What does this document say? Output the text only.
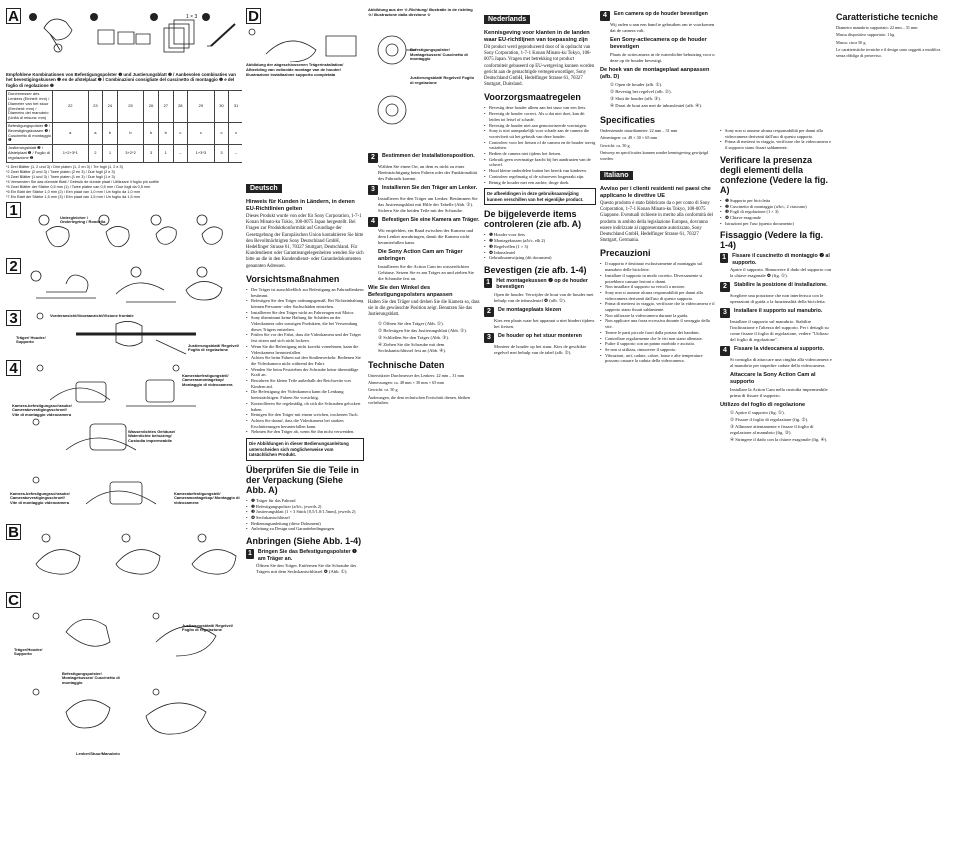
A	1 × 3
Empfohlene Kombinationen von Befestigungspolster ❶ und Justierungsblatt ❷ / Aanbevolen combinaties van het bevestigingskussen ❶ en de afstelplaat ❷ / Combinazioni consigliate del cuscinetto di montaggio ❶ e del foglio di regolazione ❷
Durchmesser des Lenkers (Einheit: mm) / Diameter van het stuur (Eenheid: mm) / Diametro del manubrio (Unità di misura: mm)	22	23	24	25	26	27	28	29	30	31
Befestigungspolster ❶ / Bevestigingskussen ❶ / Cuscinetto di montaggio ❶	a	a	b	b	b	b	c	c	c	c
Justierungsblatt ❷ / Afstelplaat ❷ / Foglio di regolazione ❷	1+2+3*1	2	1	3+2*2	3	1	–	1+3*3	3	–
*1 Drei Blätter (1, 2 und 3) / Drie platen (1, 2 en 3) / Tre fogli (1, 2 e 3)
*2 Zwei Blätter (2 und 3) / Twee platen (2 en 3) / Due fogli (2 e 3)
*3 Zwei Blätter (1 und 3) / Twee platen (1 en 3) / Due fogli (1 e 3)
*4 Verwenden Sie das dünnste Blatt / Gebruik de dunste plaat / Utilizzare il foglio più sottile
*5 Zwei Blätter der Stärke 0,5 mm (1) / Twee platen van 0,5 mm / Due fogli da 0,5 mm
*6 Ein Blatt der Stärke 1,0 mm (2) / Eén plaat van 1,0 mm / Un foglio da 1,0 mm
*7 Ein Blatt der Stärke 1,5 mm (3) / Eén plaat van 1,5 mm / Un foglio da 1,5 mm
1	Untergleicher / Onderlegring / Rondella
2
3	Vorderansicht/Vooraanzicht/Visione frontale
Träger/ Houder/ Supporto
Justierungsblatt/ Regelvel/ Foglio di regolazione
4	Kamerabefestigungsteil/ Camerasmontagekop/ Montaggio di videocamera
Kamera-befestigungsschraube/ Camerabevestigingsschroef/ Vite di montaggio videocamera
Wasserdichtes Gehäuse/ Waterdichte behuizing/ Custodia impermeabile
Kamera-befestigungsschraube/ Camerabevestigingsschroef/ Vite di montaggio videocamera
Kamerabefestigungsteil/ Cameramontagekop/ Montaggio di videocamera
B
C
Träger/Houder/ Supporto
Befestigungspolster/ Montagekussen/ Cuscinetto di montaggio
Justierungsblatt/ Regelvel/ Foglio di regolazione
Lenker/Stuur/Manubrio
D
Abbildung der abgeschlossenen Trägerinstallation/ Afbeelding van voltooide montage van de houder/ Illustrazione installazione supporto completata
Deutsch
Hinweis für Kunden in Ländern, in denen EU-Richtlinien gelten

Dieses Produkt wurde von oder für Sony Corporation, 1-7-1 Konan Minato-ku Tokio, 108-0075 Japan hergestellt. Bei Fragen zur Produktkonformität auf Grundlage der Gesetzgebung der Europäischen Union kontaktieren Sie bitte den Bevollmächtigten Sony Deutschland GmbH, Hedelfinger Strasse 61, 70327 Stuttgart, Deutschland. Für Kundendienst oder Garantieangelegenheiten wenden Sie sich bitte an die in den Kundendienst- oder Garantiedokumenten genannten Adressen.

Vorsichtsmaßnahmen
• Der Träger ist ausschließlich zur Befestigung an Fahrradlenkern bestimmt.
• Befestigen Sie den Träger ordnungsgemäß. Bei Nichteinhaltung können Personen- oder Sachschäden entstehen.
• Installieren Sie den Träger nicht an Fahrzeugen mit Motor.
• Sony übernimmt keine Haftung für Schäden an der Videokamera oder sonstigen Produkten, die bei Verwendung dieses Trägers entstehen.
• Prüfen Sie vor der Fahrt, dass die Videokamera und der Träger fest sitzen und sich nicht lockern.
• Wenn Sie die Befestigung nicht korrekt vornehmen, kann die Videokamera herunterfallen.
• Achten Sie beim Fahren auf den Straßenverkehr. Bedienen Sie die Videokamera nicht während der Fahrt.
• Wenden Sie beim Festziehen der Schraube keine übermäßige Kraft an.
• Bewahren Sie kleine Teile außerhalb der Reichweite von Kindern auf.
• Die Befestigung der Videokamera kann die Lenkung beeinträchtigen. Fahren Sie vorsichtig.
• Kontrollieren Sie regelmäßig, ob sich die Schrauben gelockert haben.
• Reinigen Sie den Träger mit einem weichen, trockenen Tuch.
• Achten Sie darauf, dass die Videokamera bei starken Erschütterungen herunterfallen kann.
• Nehmen Sie den Träger ab, wenn Sie ihn nicht verwenden.
Die Abbildungen in dieser Bedienungsanleitung unterscheiden sich möglicherweise vom tatsächlichen Produkt.
Überprüfen Sie die Teile in der Verpackung (Siehe Abb. A)
• ❶ Träger für das Fahrrad
• ❷ Befestigungspolster (a/b/c, jeweils 2)
• ❸ Justierungsblatt (1 × 3 Stück [0,5/1,0/1,5mm], jeweils 2)
• ❹ Sechskantschlüssel
• Bedienungsanleitung (diese Dokument)
• Anleitung zu Design und Garantiebedingungen
Anbringen (Siehe Abb. 1-4)
1	Bringen Sie das Befestigungspolster ❶ am Träger an.
Öffnen Sie den Träger. Entfernen Sie die Schraube des Trägers mit dem Sechskantschlüssel ❹ (Abb. ①).
Abbildung aus der ☆-Richtung/ Illustratie in de richting ☆/ Illustrazione dalla direzione ☆
Befestigungspolster/ Montagekussen/ Cuscinetto di montaggio
Justierungsblatt/ Regelvel/ Foglio di regolazione
2	Bestimmen der Installationsposition.
Wählen Sie einen Ort, an dem es nicht zu einer Beeinträchtigung beim Fahren oder der Funktionalität des Fahrrads kommt.
3	Installieren Sie den Träger am Lenker.
Installieren Sie den Träger am Lenker. Bestimmen Sie das Justierungsblatt mit Hilfe der Tabelle (Abb. ②). Sichern Sie die beiden Teile mit der Schraube.
4	Befestigen Sie eine Kamera am Träger.
Wir empfehlen, ein Band zwischen der Kamera und dem Lenker anzubringen, damit die Kamera nicht herunterfallen kann.
Die Sony Action Cam am Träger anbringen
Installieren Sie die Action Cam im wasserdichten Gehäuse. Setzen Sie es am Träger an und ziehen Sie die Schraube fest an.
Wie Sie den Winkel des Befestigungspolsters anpassen

Halten Sie den Träger und drehen Sie die Kamera so, dass sie in die gewünschte Position zeigt. Benutzen Sie das Justierungsblatt.

① Öffnen Sie den Träger (Abb. ①).
② Befestigen Sie das Justierungsblatt (Abb. ②).
③ Schließen Sie den Träger (Abb. ③).
④ Ziehen Sie die Schraube mit dem Sechskantschlüssel fest an (Abb. ④).
Technische Daten

Unterstützter Durchmesser des Lenkers: 22 mm – 31 mm

Abmessungen: ca. 48 mm × 30 mm × 65 mm

Gewicht: ca. 50 g

Änderungen, die dem technischen Fortschritt dienen, bleiben vorbehalten.

Nederlands
Kennisgeving voor klanten in de landen waar EU-richtlijnen van toepassing zijn

Dit product werd geproduceerd door of in opdracht van Sony Corporation, 1-7-1 Konan Minato-ku Tokyo, 108-0075 Japan. Vragen met betrekking tot product conformiteit gebaseerd op EU-wetgeving kunnen worden gericht aan de gemachtigde vertegenwoordiger, Sony Deutschland GmbH, Hedelfinger Strasse 61, 70327 Stuttgart, Duitsland.

Voorzorgsmaatregelen
• Bevestig deze houder alleen aan het stuur van een fiets.
• Bevestig de houder correct. Als u dat niet doet, kan dit leiden tot letsel of schade.
• Bevestig de houder niet aan gemotoriseerde voertuigen.
• Sony is niet aansprakelijk voor schade aan de camera die voortvloeit uit het gebruik van deze houder.
• Controleer voor het fietsen of de camera en de houder stevig vastzitten.
• Bedien de camera niet tijdens het fietsen.
• Gebruik geen overmatige kracht bij het aandraaien van de schroef.
• Houd kleine onderdelen buiten het bereik van kinderen.
• Controleer regelmatig of de schroeven losgeraakt zijn.
• Reinig de houder met een zachte, droge doek.
De afbeeldingen in deze gebruiksaanwijzing kunnen verschillen van het eigenlijke product.
De bijgeleverde items controleren (zie afb. A)
• ❶ Houder voor fiets
• ❷ Montagekussen (a/b/c, elk 2)
• ❸ Regelvellen (1 × 3)
• ❹ Inbussleutel
• Gebruiksaanwijzing (dit document)
Bevestigen (zie afb. 1-4)
1	Het montagekussen ❷ op de houder bevestigen
Open de houder. Verwijder de bout van de houder met behulp van de inbussleutel ❹ (afb. ①).
2	De montageplaats kiezen
Kies een plaats waar het apparaat u niet hindert tijdens het fietsen.
3	De houder op het stuur monteren
Monteer de houder op het stuur. Kies de geschikte regelvel met behulp van de tabel (afb. ②).
4	Een camera op de houder bevestigen
Wij raden u aan een band te gebruiken om te voorkomen dat de camera valt.
Een Sony-actiecamera op de houder bevestigen
Plaats de actiecamera in de waterdichte behuizing voor u deze op de houder bevestigt.
De hoek van de montageplaat aanpassen (afb. D)
① Open de houder (afb. ①).
② Bevestig het regelvel (afb. ②).
③ Sluit de houder (afb. ③).
④ Draai de bout aan met de inbussleutel (afb. ④).
Specificaties

Ondersteunde stuurdiameter: 22 mm – 31 mm

Afmetingen: ca. 48 × 30 × 65 mm

Gewicht: ca. 50 g

Ontwerp en specificaties kunnen zonder kennisgeving gewijzigd worden.

Italiano
Avviso per i clienti residenti nei paesi che applicano le direttive UE

Questo prodotto è stato fabbricato da o per conto di Sony Corporation, 1-7-1 Konan Minato-ku Tokyo, 108-0075 Giappone. Eventuali richieste in merito alla conformità del prodotto in ambito della legislazione Europea, dovranno essere indirizzate al rappresentante autorizzato, Sony Deutschland GmbH, Hedelfinger Strasse 61, 70327 Stuttgart, Germania.

Precauzioni
• Il supporto è destinato esclusivamente al montaggio sul manubrio delle biciclette.
• Installare il supporto in modo corretto. Diversamente si potrebbero causare lesioni o danni.
• Non installare il supporto su veicoli a motore.
• Sony non si assume alcuna responsabilità per danni alla videocamera derivanti dall'uso di questo supporto.
• Prima di mettersi in viaggio, verificare che la videocamera e il supporto siano fissati saldamente.
• Non utilizzare la videocamera durante la guida.
• Non applicare una forza eccessiva durante il serraggio della vite.
• Tenere le parti piccole fuori dalla portata dei bambini.
• Controllare regolarmente che le viti non siano allentate.
• Pulire il supporto con un panno morbido e asciutto.
• Se non si utilizza, rimuovere il supporto.
• Vibrazioni, urti, cadute, calore, basse e alte temperature possono causare la caduta della videocamera.
• Sony non si assume alcuna responsabilità per danni alla videocamera derivanti dall'uso di questo supporto.
• Prima di mettersi in viaggio, verificare che la videocamera e il supporto siano fissati saldamente.
Verificare la presenza degli elementi della confezione (Vedere la fig. A)
• ❶ Supporto per bicicletta
• ❷ Cuscinetto di montaggio (a/b/c, 2 ciascuno)
• ❸ Fogli di regolazione (1 × 3)
• ❹ Chiave esagonale
• Istruzioni per l'uso (questo documento)
Fissaggio (Vedere la fig. 1-4)
1	Fissare il cuscinetto di montaggio ❷ al supporto.
Aprire il supporto. Rimuovere il dado del supporto con la chiave esagonale ❹ (fig. ①).
2	Stabilire la posizione di installazione.
Scegliere una posizione che non interferisca con le operazioni di guida o la funzionalità della bicicletta.
3	Installare il supporto sul manubrio.
Installare il supporto sul manubrio. Stabilire l'inclinazione e l'altezza del supporto. Per i dettagli su come fissare il foglio di regolazione, vedere "Utilizzo del foglio di regolazione".
4	Fissare la videocamera al supporto.
Si consiglia di attaccare una cinghia alla videocamera e al manubrio per impedire cadute della videocamera.
Attaccare la Sony Action Cam al supporto
Installare la Action Cam nella custodia impermeabile prima di fissare il supporto.
Utilizzo del foglio di regolazione
① Aprire il supporto (fig. ①).
② Fissare il foglio di regolazione (fig. ②).
③ Allineare attentamente e fissare il foglio di regolazione al manubrio (fig. ③).
④ Stringere il dado con la chiave esagonale (fig. ④).
Caratteristiche tecniche

Diametro manubrio supportato: 22 mm – 31 mm

Massa dispositivo supportato: 1 kg

Massa: circa 50 g

Le caratteristiche tecniche e il design sono soggetti a modifica senza obbligo di preavviso.
